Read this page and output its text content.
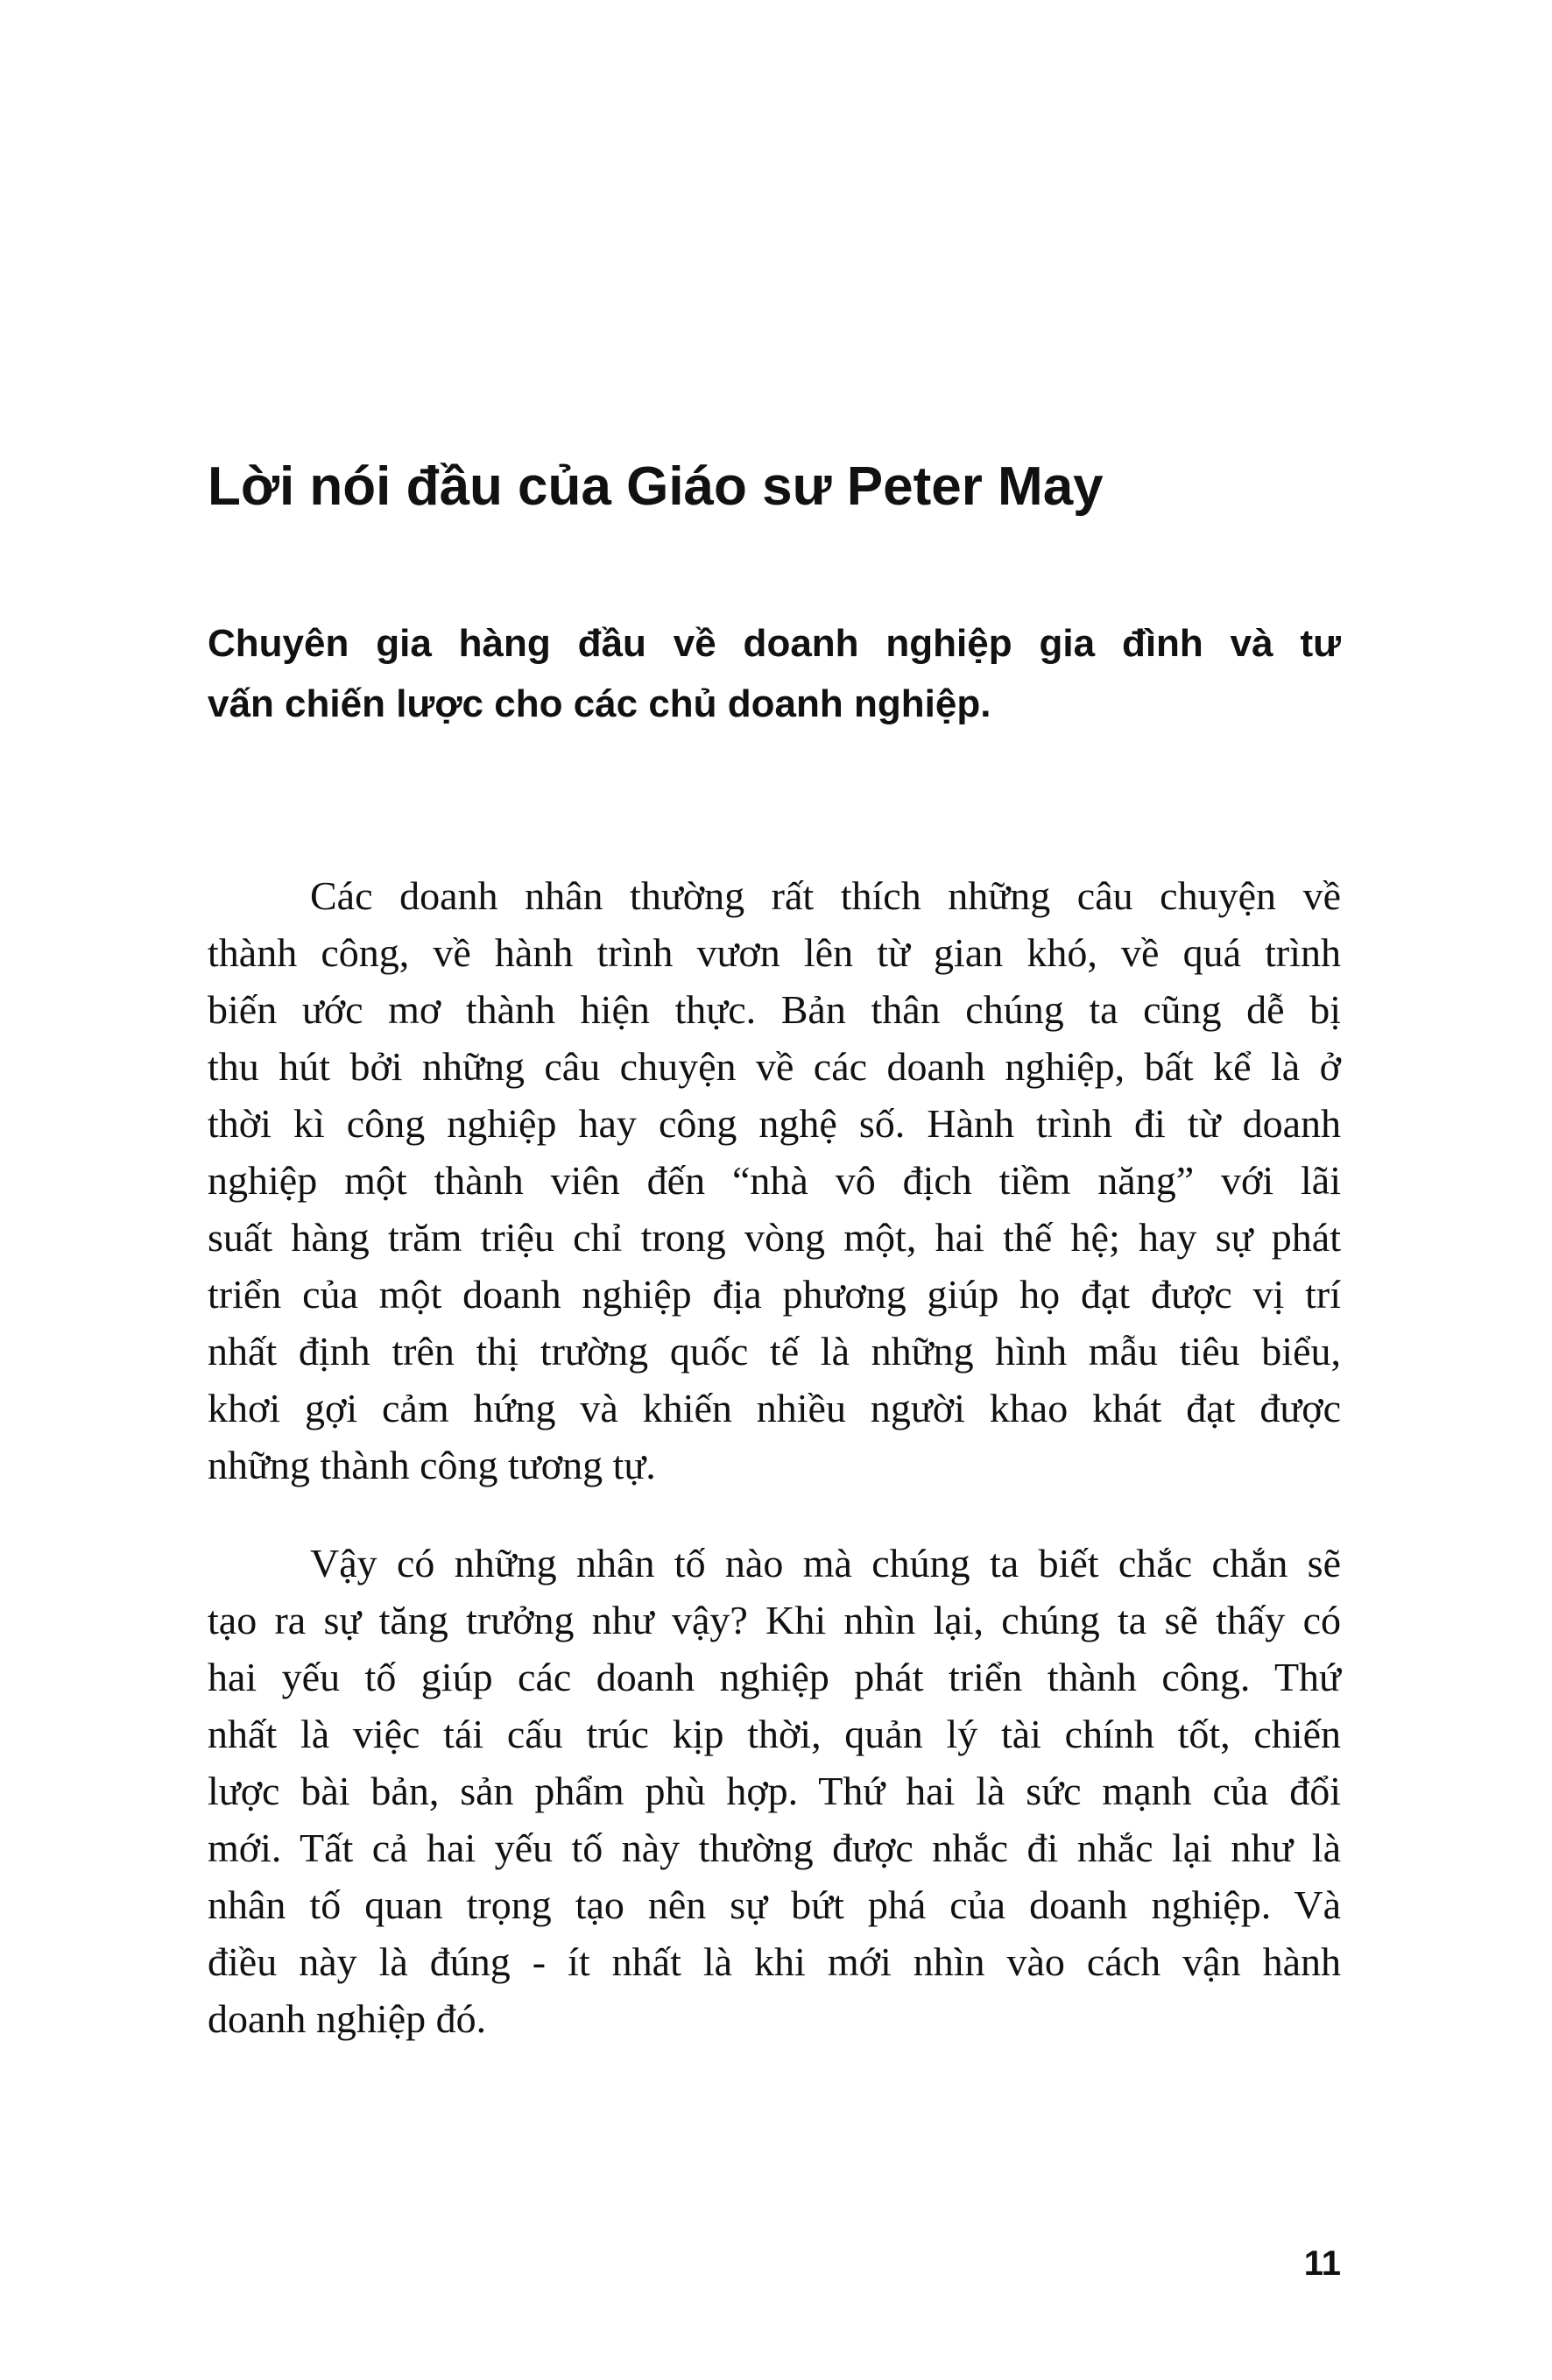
Lời nói đầu của Giáo sư Peter May
Chuyên gia hàng đầu về doanh nghiệp gia đình và tư
vấn chiến lược cho các chủ doanh nghiệp.
Các doanh nhân thường rất thích những câu chuyện về
thành công, về hành trình vươn lên từ gian khó, về quá trình
biến ước mơ thành hiện thực. Bản thân chúng ta cũng dễ bị
thu hút bởi những câu chuyện về các doanh nghiệp, bất kể là ở
thời kì công nghiệp hay công nghệ số. Hành trình đi từ doanh
nghiệp một thành viên đến “nhà vô địch tiềm năng” với lãi
suất hàng trăm triệu chỉ trong vòng một, hai thế hệ; hay sự phát
triển của một doanh nghiệp địa phương giúp họ đạt được vị trí
nhất định trên thị trường quốc tế là những hình mẫu tiêu biểu,
khơi gợi cảm hứng và khiến nhiều người khao khát đạt được
những thành công tương tự.
Vậy có những nhân tố nào mà chúng ta biết chắc chắn sẽ
tạo ra sự tăng trưởng như vậy? Khi nhìn lại, chúng ta sẽ thấy có
hai yếu tố giúp các doanh nghiệp phát triển thành công. Thứ
nhất là việc tái cấu trúc kịp thời, quản lý tài chính tốt, chiến
lược bài bản, sản phẩm phù hợp. Thứ hai là sức mạnh của đổi
mới. Tất cả hai yếu tố này thường được nhắc đi nhắc lại như là
nhân tố quan trọng tạo nên sự bứt phá của doanh nghiệp. Và
điều này là đúng - ít nhất là khi mới nhìn vào cách vận hành
doanh nghiệp đó.
11
